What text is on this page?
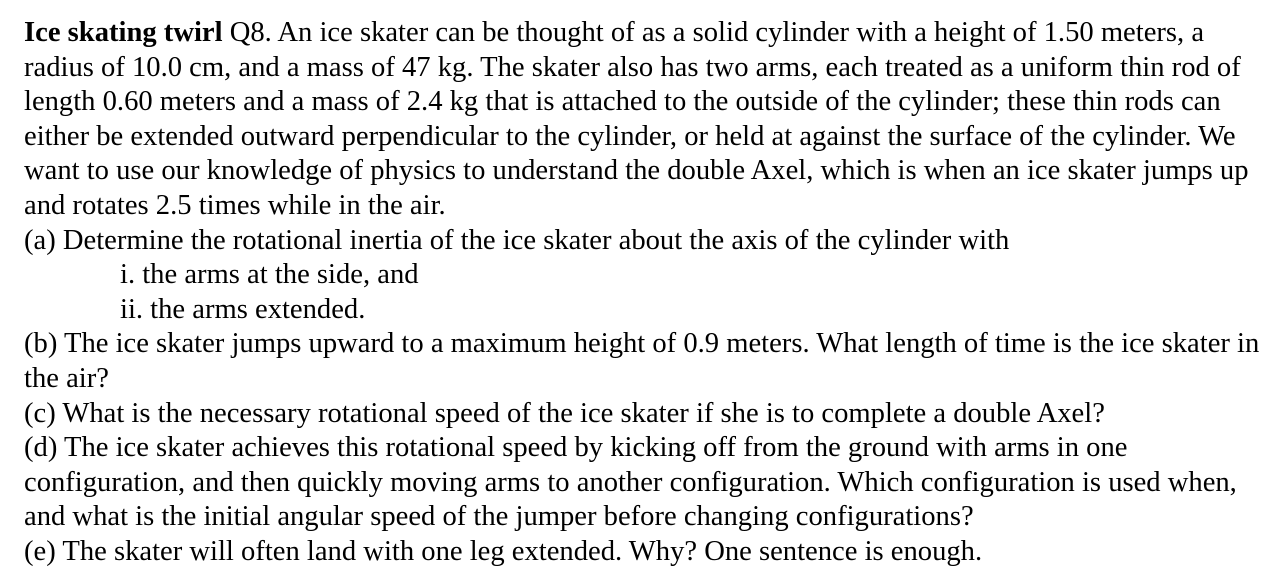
Ice skating twirl Q8. An ice skater can be thought of as a solid cylinder with a height of 1.50 meters, a radius of 10.0 cm, and a mass of 47 kg. The skater also has two arms, each treated as a uniform thin rod of length 0.60 meters and a mass of 2.4 kg that is attached to the outside of the cylinder; these thin rods can either be extended outward perpendicular to the cylinder, or held at against the surface of the cylinder. We want to use our knowledge of physics to understand the double Axel, which is when an ice skater jumps up and rotates 2.5 times while in the air.

(a) Determine the rotational inertia of the ice skater about the axis of the cylinder with

i. the arms at the side, and

ii. the arms extended.

(b) The ice skater jumps upward to a maximum height of 0.9 meters. What length of time is the ice skater in the air?

(c) What is the necessary rotational speed of the ice skater if she is to complete a double Axel?

(d) The ice skater achieves this rotational speed by kicking off from the ground with arms in one configuration, and then quickly moving arms to another configuration. Which configuration is used when, and what is the initial angular speed of the jumper before changing configurations?

(e) The skater will often land with one leg extended. Why? One sentence is enough.
